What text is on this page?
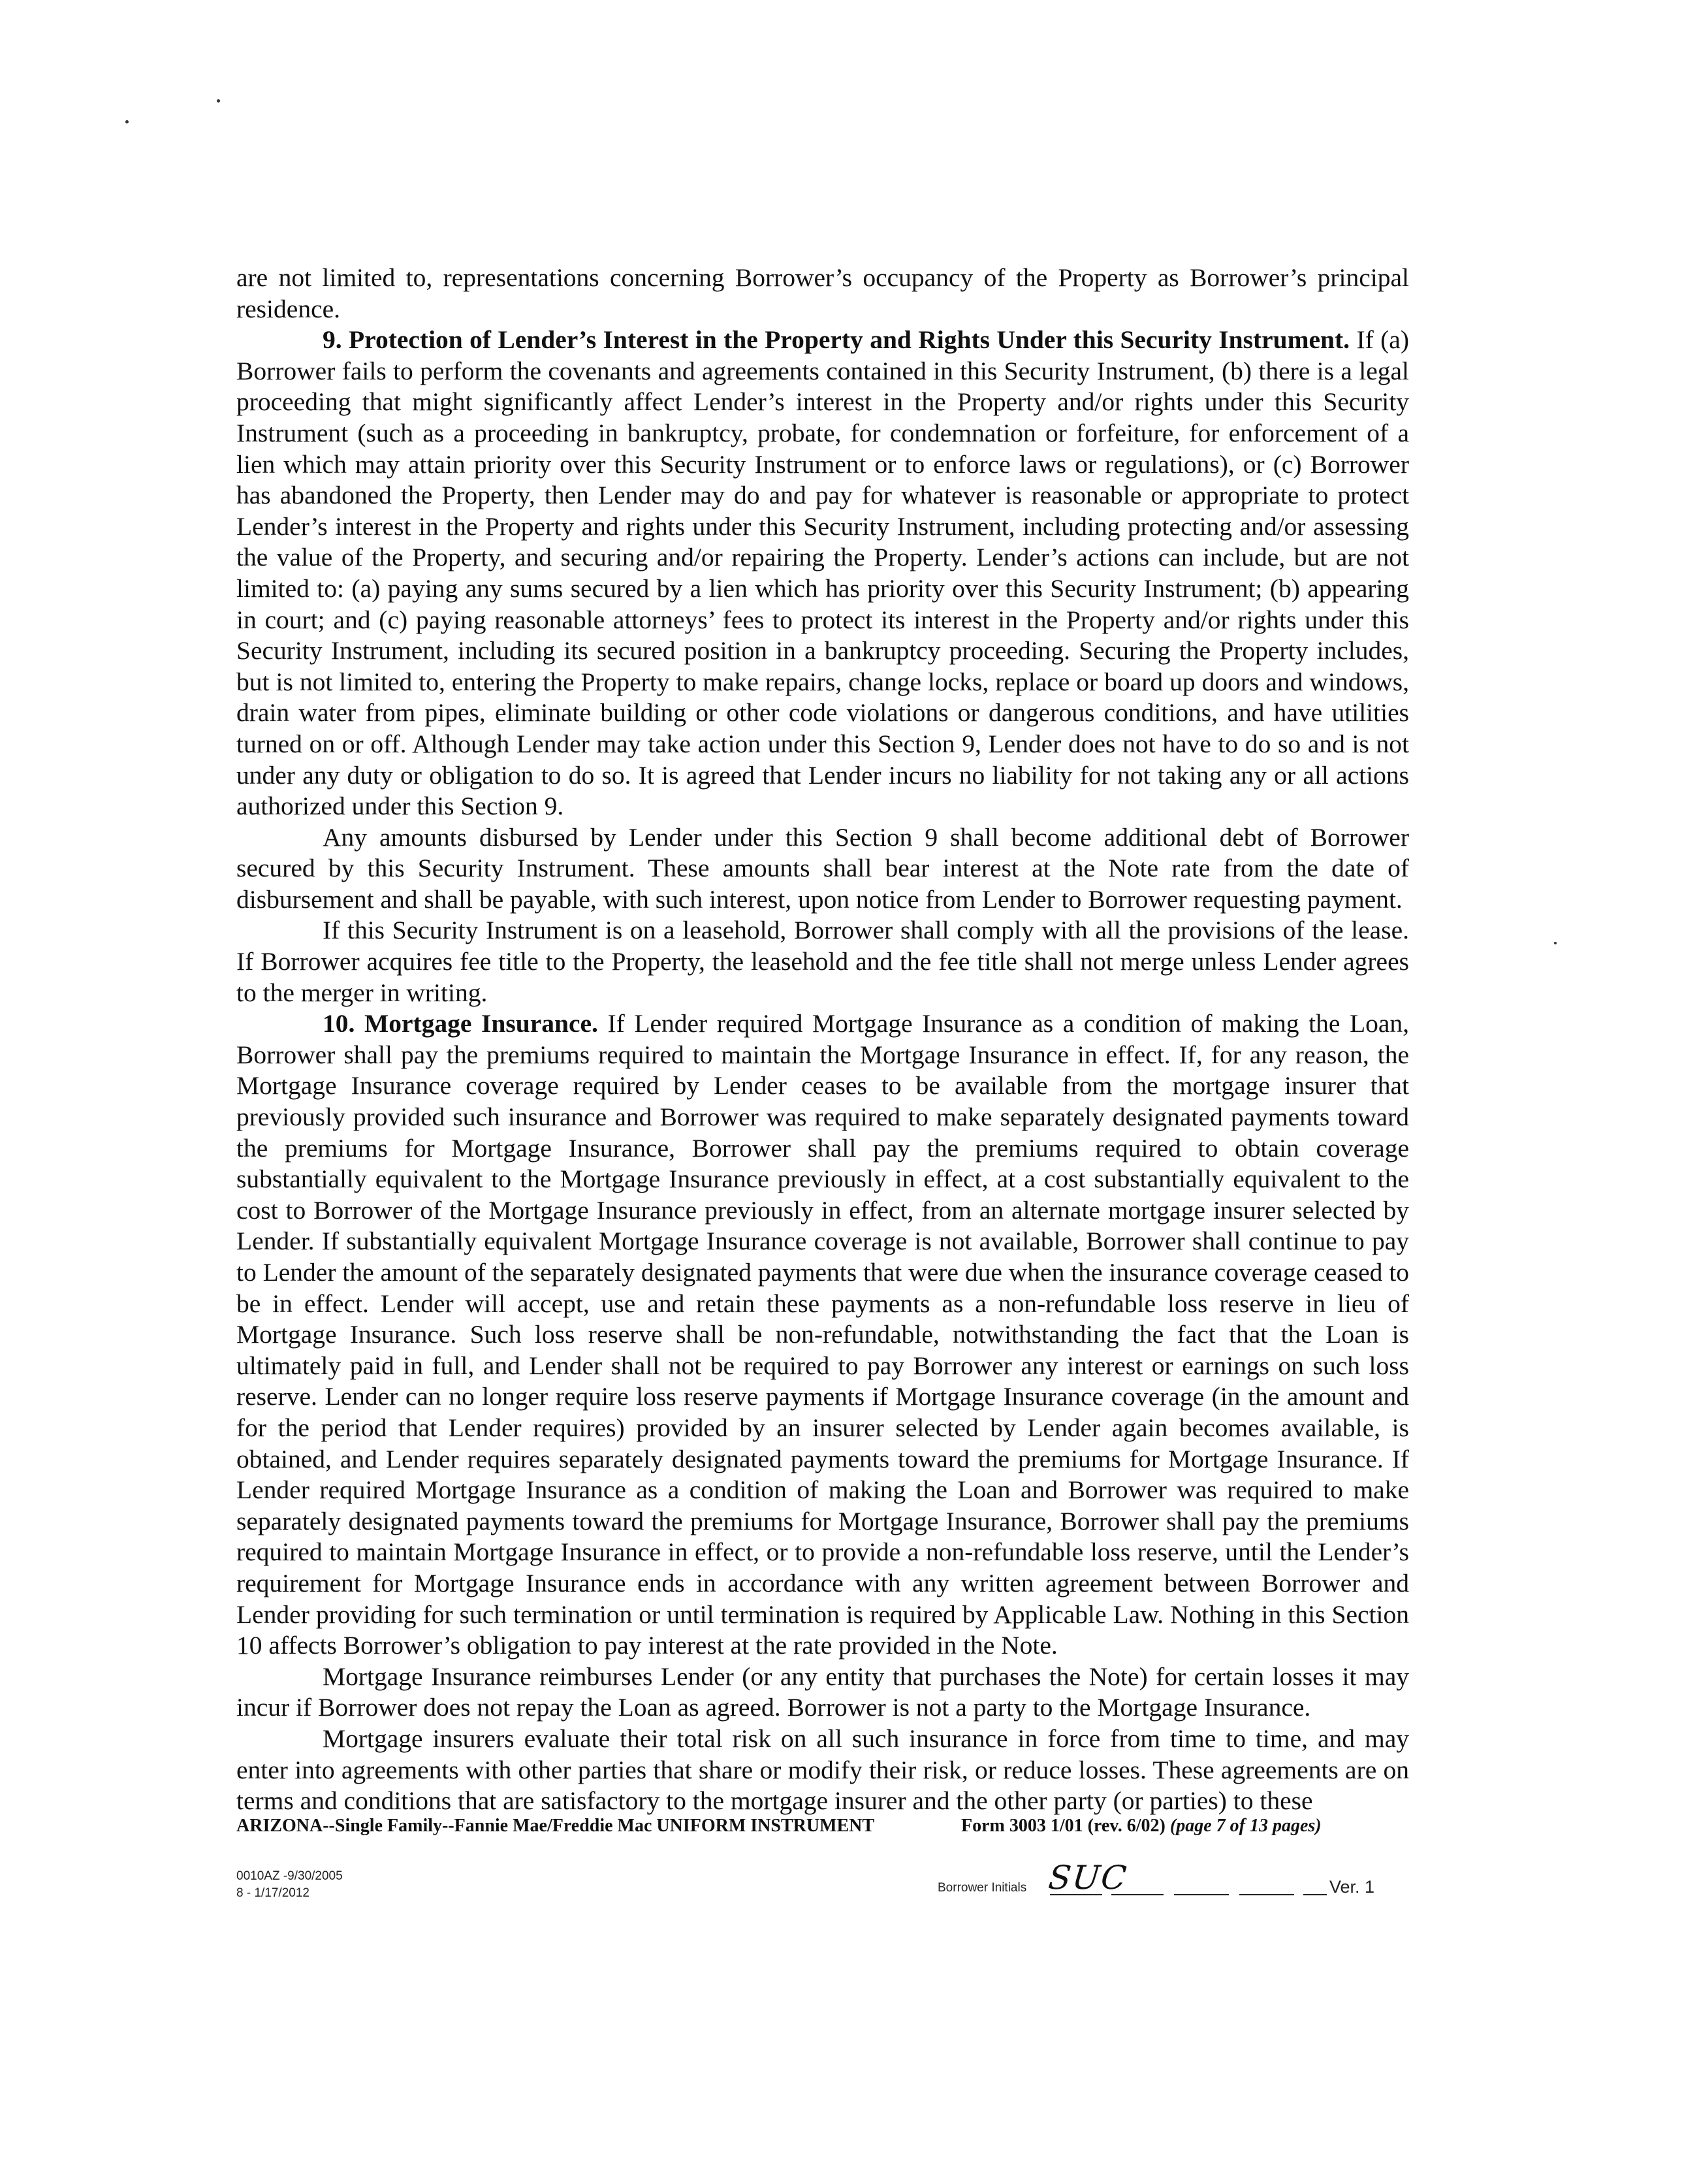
are not limited to, representations concerning Borrower’s occupancy of the Property as Borrower’s principal residence.

9. Protection of Lender’s Interest in the Property and Rights Under this Security Instrument. If (a) Borrower fails to perform the covenants and agreements contained in this Security Instrument, (b) there is a legal proceeding that might significantly affect Lender’s interest in the Property and/or rights under this Security Instrument (such as a proceeding in bankruptcy, probate, for condemnation or forfeiture, for enforcement of a lien which may attain priority over this Security Instrument or to enforce laws or regulations), or (c) Borrower has abandoned the Property, then Lender may do and pay for whatever is reasonable or appropriate to protect Lender’s interest in the Property and rights under this Security Instrument, including protecting and/or assessing the value of the Property, and securing and/or repairing the Property. Lender’s actions can include, but are not limited to: (a) paying any sums secured by a lien which has priority over this Security Instrument; (b) appearing in court; and (c) paying reasonable attorneys’ fees to protect its interest in the Property and/or rights under this Security Instrument, including its secured position in a bankruptcy proceeding. Securing the Property includes, but is not limited to, entering the Property to make repairs, change locks, replace or board up doors and windows, drain water from pipes, eliminate building or other code violations or dangerous conditions, and have utilities turned on or off. Although Lender may take action under this Section 9, Lender does not have to do so and is not under any duty or obligation to do so. It is agreed that Lender incurs no liability for not taking any or all actions authorized under this Section 9.

Any amounts disbursed by Lender under this Section 9 shall become additional debt of Borrower secured by this Security Instrument. These amounts shall bear interest at the Note rate from the date of disbursement and shall be payable, with such interest, upon notice from Lender to Borrower requesting payment.

If this Security Instrument is on a leasehold, Borrower shall comply with all the provisions of the lease. If Borrower acquires fee title to the Property, the leasehold and the fee title shall not merge unless Lender agrees to the merger in writing.

10. Mortgage Insurance. If Lender required Mortgage Insurance as a condition of making the Loan, Borrower shall pay the premiums required to maintain the Mortgage Insurance in effect. If, for any reason, the Mortgage Insurance coverage required by Lender ceases to be available from the mortgage insurer that previously provided such insurance and Borrower was required to make separately designated payments toward the premiums for Mortgage Insurance, Borrower shall pay the premiums required to obtain coverage substantially equivalent to the Mortgage Insurance previously in effect, at a cost substantially equivalent to the cost to Borrower of the Mortgage Insurance previously in effect, from an alternate mortgage insurer selected by Lender. If substantially equivalent Mortgage Insurance coverage is not available, Borrower shall continue to pay to Lender the amount of the separately designated payments that were due when the insurance coverage ceased to be in effect. Lender will accept, use and retain these payments as a non-refundable loss reserve in lieu of Mortgage Insurance. Such loss reserve shall be non-refundable, notwithstanding the fact that the Loan is ultimately paid in full, and Lender shall not be required to pay Borrower any interest or earnings on such loss reserve. Lender can no longer require loss reserve payments if Mortgage Insurance coverage (in the amount and for the period that Lender requires) provided by an insurer selected by Lender again becomes available, is obtained, and Lender requires separately designated payments toward the premiums for Mortgage Insurance. If Lender required Mortgage Insurance as a condition of making the Loan and Borrower was required to make separately designated payments toward the premiums for Mortgage Insurance, Borrower shall pay the premiums required to maintain Mortgage Insurance in effect, or to provide a non-refundable loss reserve, until the Lender’s requirement for Mortgage Insurance ends in accordance with any written agreement between Borrower and Lender providing for such termination or until termination is required by Applicable Law. Nothing in this Section 10 affects Borrower’s obligation to pay interest at the rate provided in the Note.

Mortgage Insurance reimburses Lender (or any entity that purchases the Note) for certain losses it may incur if Borrower does not repay the Loan as agreed. Borrower is not a party to the Mortgage Insurance.

Mortgage insurers evaluate their total risk on all such insurance in force from time to time, and may enter into agreements with other parties that share or modify their risk, or reduce losses. These agreements are on terms and conditions that are satisfactory to the mortgage insurer and the other party (or parties) to these

ARIZONA--Single Family--Fannie Mae/Freddie Mac UNIFORM INSTRUMENT	Form 3003 1/01 (rev. 6/02) (page 7 of 13 pages)
0010AZ -9/30/2005
8 - 1/17/2012	Borrower Initials SUC	Ver. 1
